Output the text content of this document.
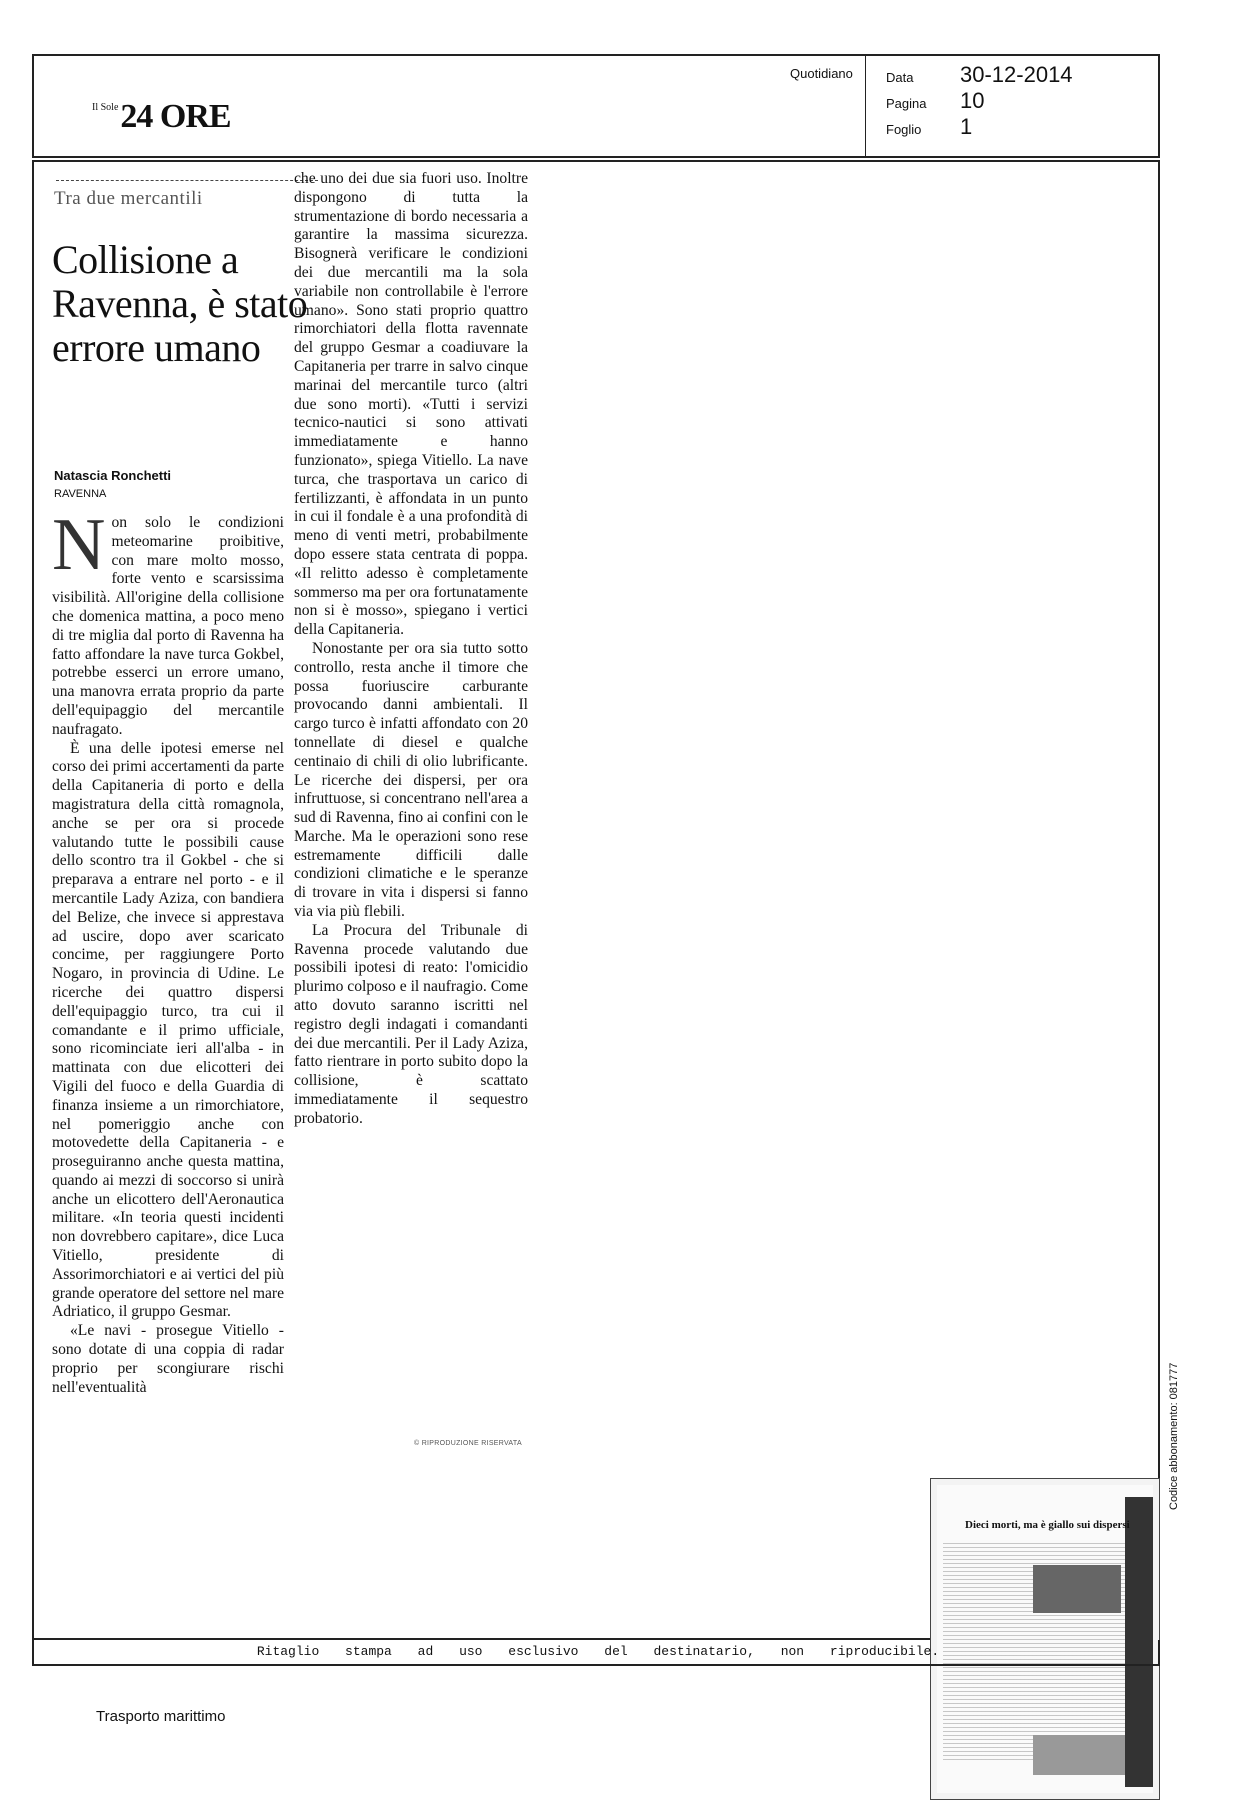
$^{Il Sole}$24 ORE
Quotidiano	Data 30-12-2014
Pagina 10
Foglio 1
Tra due mercantili
Collisione a Ravenna, è stato errore umano
Natascia Ronchetti
RAVENNA

Non solo le condizioni meteomarine proibitive, con mare molto mosso, forte vento e scarsissima visibilità. All'origine della collisione che domenica mattina, a poco meno di tre miglia dal porto di Ravenna ha fatto affondare la nave turca Gokbel, potrebbe esserci un errore umano, una manovra errata proprio da parte dell'equipaggio del mercantile naufragato.

È una delle ipotesi emerse nel corso dei primi accertamenti da parte della Capitaneria di porto e della magistratura della città romagnola, anche se per ora si procede valutando tutte le possibili cause dello scontro tra il Gokbel - che si preparava a entrare nel porto - e il mercantile Lady Aziza, con bandiera del Belize, che invece si apprestava ad uscire, dopo aver scaricato concime, per raggiungere Porto Nogaro, in provincia di Udine. Le ricerche dei quattro dispersi dell'equipaggio turco, tra cui il comandante e il primo ufficiale, sono ricominciate ieri all'alba - in mattinata con due elicotteri dei Vigili del fuoco e della Guardia di finanza insieme a un rimorchiatore, nel pomeriggio anche con motovedette della Capitaneria - e proseguiranno anche questa mattina, quando ai mezzi di soccorso si unirà anche un elicottero dell'Aeronautica militare. «In teoria questi incidenti non dovrebbero capitare», dice Luca Vitiello, presidente di Assorimorchiatori e ai vertici del più grande operatore del settore nel mare Adriatico, il gruppo Gesmar.

«Le navi - prosegue Vitiello - sono dotate di una coppia di radar proprio per scongiurare rischi nell'eventualità

che uno dei due sia fuori uso. Inoltre dispongono di tutta la strumentazione di bordo necessaria a garantire la massima sicurezza. Bisognerà verificare le condizioni dei due mercantili ma la sola variabile non controllabile è l'errore umano». Sono stati proprio quattro rimorchiatori della flotta ravennate del gruppo Gesmar a coadiuvare la Capitaneria per trarre in salvo cinque marinai del mercantile turco (altri due sono morti). «Tutti i servizi tecnico-nautici si sono attivati immediatamente e hanno funzionato», spiega Vitiello. La nave turca, che trasportava un carico di fertilizzanti, è affondata in un punto in cui il fondale è a una profondità di meno di venti metri, probabilmente dopo essere stata centrata di poppa. «Il relitto adesso è completamente sommerso ma per ora fortunatamente non si è mosso», spiegano i vertici della Capitaneria.

Nonostante per ora sia tutto sotto controllo, resta anche il timore che possa fuoriuscire carburante provocando danni ambientali. Il cargo turco è infatti affondato con 20 tonnellate di diesel e qualche centinaio di chili di olio lubrificante. Le ricerche dei dispersi, per ora infruttuose, si concentrano nell'area a sud di Ravenna, fino ai confini con le Marche. Ma le operazioni sono rese estremamente difficili dalle condizioni climatiche e le speranze di trovare in vita i dispersi si fanno via via più flebili.

La Procura del Tribunale di Ravenna procede valutando due possibili ipotesi di reato: l'omicidio plurimo colposo e il naufragio. Come atto dovuto saranno iscritti nel registro degli indagati i comandanti dei due mercantili. Per il Lady Aziza, fatto rientrare in porto subito dopo la collisione, è scattato immediatamente il sequestro probatorio.

© RIPRODUZIONE RISERVATA
Dieci morti, ma è giallo sui dispersi
Codice abbonamento: 081777
Ritaglio stampa ad uso esclusivo del destinatario, non riproducibile.
Trasporto marittimo
